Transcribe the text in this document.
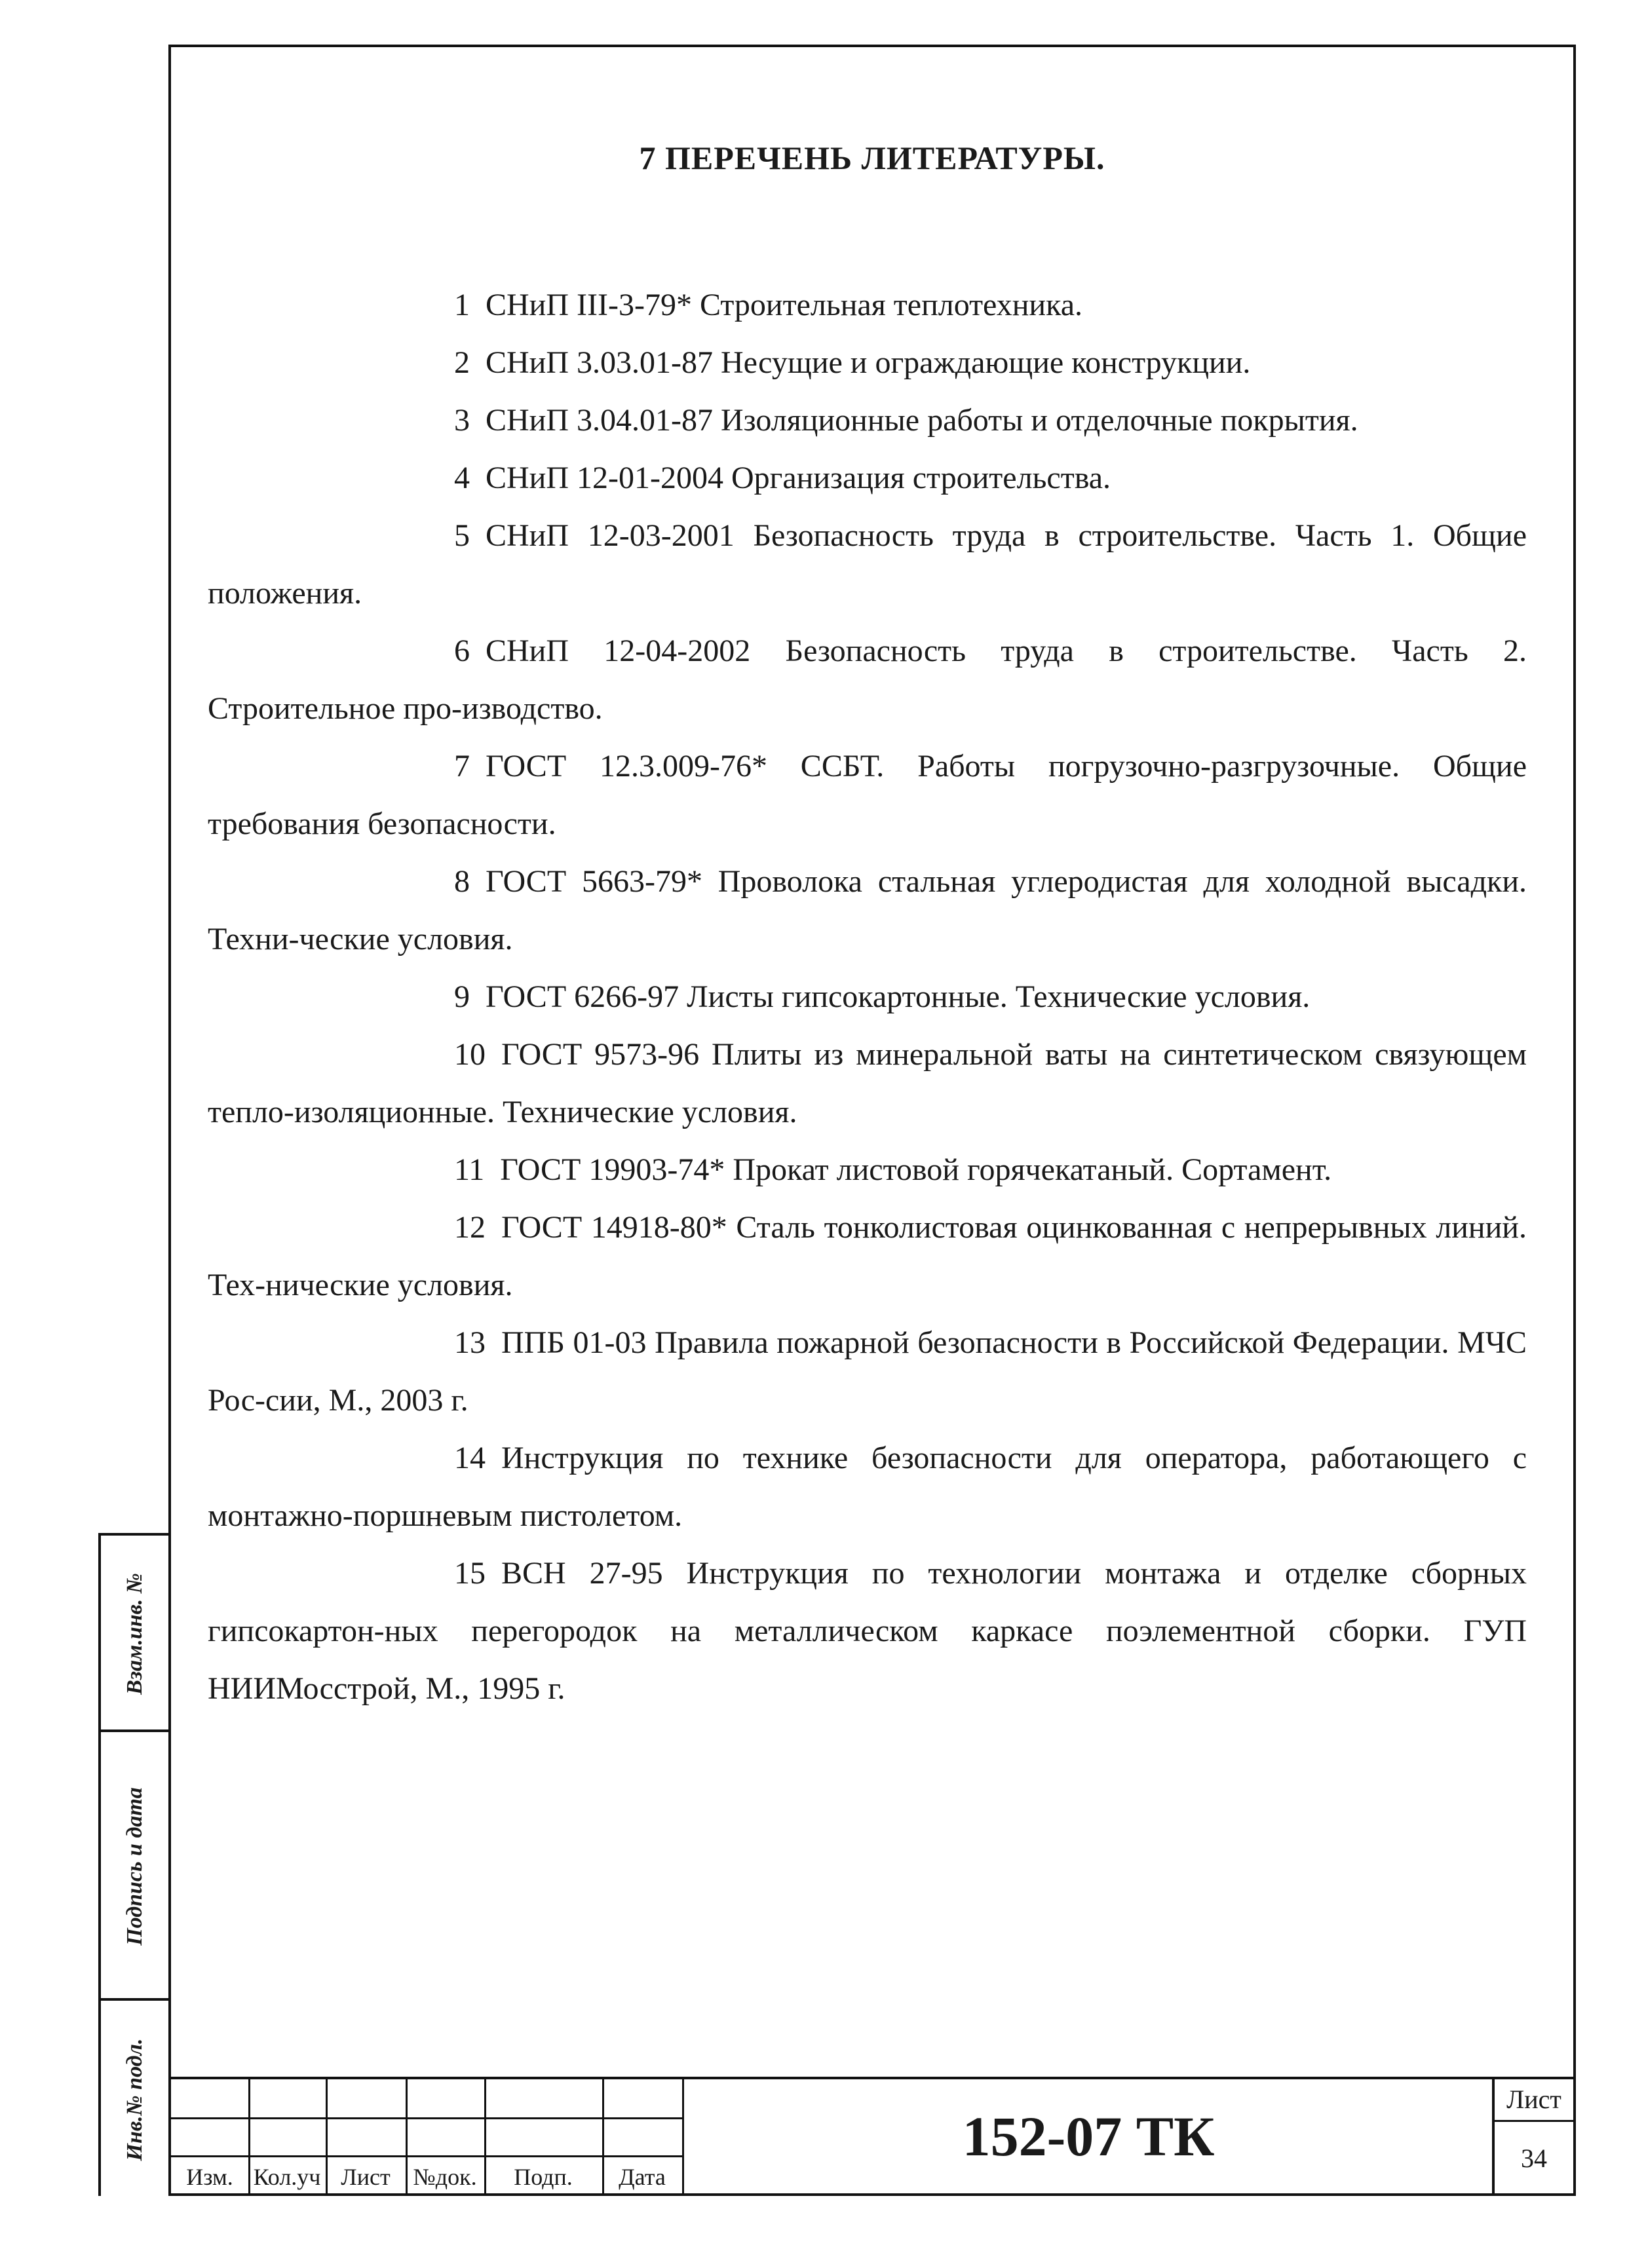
Взам.инв. №
Подпись и дата
Инв.№ подл.
7 ПЕРЕЧЕНЬ ЛИТЕРАТУРЫ.

1 СНиП III-3-79* Строительная теплотехника.

2 СНиП 3.03.01-87 Несущие и ограждающие конструкции.

3 СНиП 3.04.01-87 Изоляционные работы и отделочные покрытия.

4 СНиП 12-01-2004 Организация строительства.

5 СНиП 12-03-2001 Безопасность труда в строительстве. Часть 1. Общие положения.

6 СНиП 12-04-2002 Безопасность труда в строительстве. Часть 2. Строительное про-изводство.

7 ГОСТ 12.3.009-76* ССБТ. Работы погрузочно-разгрузочные. Общие требования безопасности.

8 ГОСТ 5663-79* Проволока стальная углеродистая для холодной высадки. Техни-ческие условия.

9 ГОСТ 6266-97 Листы гипсокартонные. Технические условия.

10 ГОСТ 9573-96 Плиты из минеральной ваты на синтетическом связующем тепло-изоляционные. Технические условия.

11 ГОСТ 19903-74* Прокат листовой горячекатаный. Сортамент.

12 ГОСТ 14918-80* Сталь тонколистовая оцинкованная с непрерывных линий. Тех-нические условия.

13 ППБ 01-03 Правила пожарной безопасности в Российской Федерации. МЧС Рос-сии, М., 2003 г.

14 Инструкция по технике безопасности для оператора, работающего с монтажно-поршневым пистолетом.

15 ВСН 27-95 Инструкция по технологии монтажа и отделке сборных гипсокартон-ных перегородок на металлическом каркасе поэлементной сборки. ГУП НИИМосстрой, М., 1995 г.

Изм. Кол.уч Лист №док.	Подп.	Дата
152-07 ТК
Лист
34
